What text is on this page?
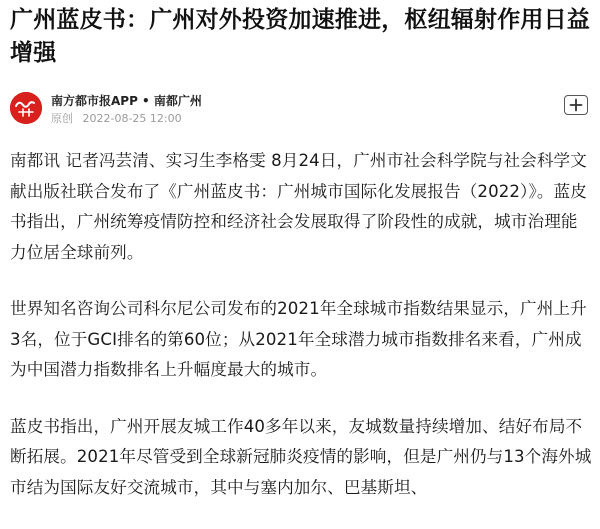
广州蓝皮书：广州对外投资加速推进，枢纽辐射作用日益增强
南方都市报APP • 南都广州
原创 2022-08-25 12:00

南都讯 记者冯芸清、实习生李格雯 8月24日，广州市社会科学院与社会科学文献出版社联合发布了《广州蓝皮书：广州城市国际化发展报告（2022）》。蓝皮书指出，广州统筹疫情防控和经济社会发展取得了阶段性的成就，城市治理能力位居全球前列。

世界知名咨询公司科尔尼公司发布的2021年全球城市指数结果显示，广州上升3名，位于GCI排名的第60位；从2021年全球潜力城市指数排名来看，广州成为中国潜力指数排名上升幅度最大的城市。

蓝皮书指出，广州开展友城工作40多年以来，友城数量持续增加、结好布局不断拓展。2021年尽管受到全球新冠肺炎疫情的影响，但是广州仍与13个海外城市结为国际友好交流城市，其中与塞内加尔、巴基斯坦、
